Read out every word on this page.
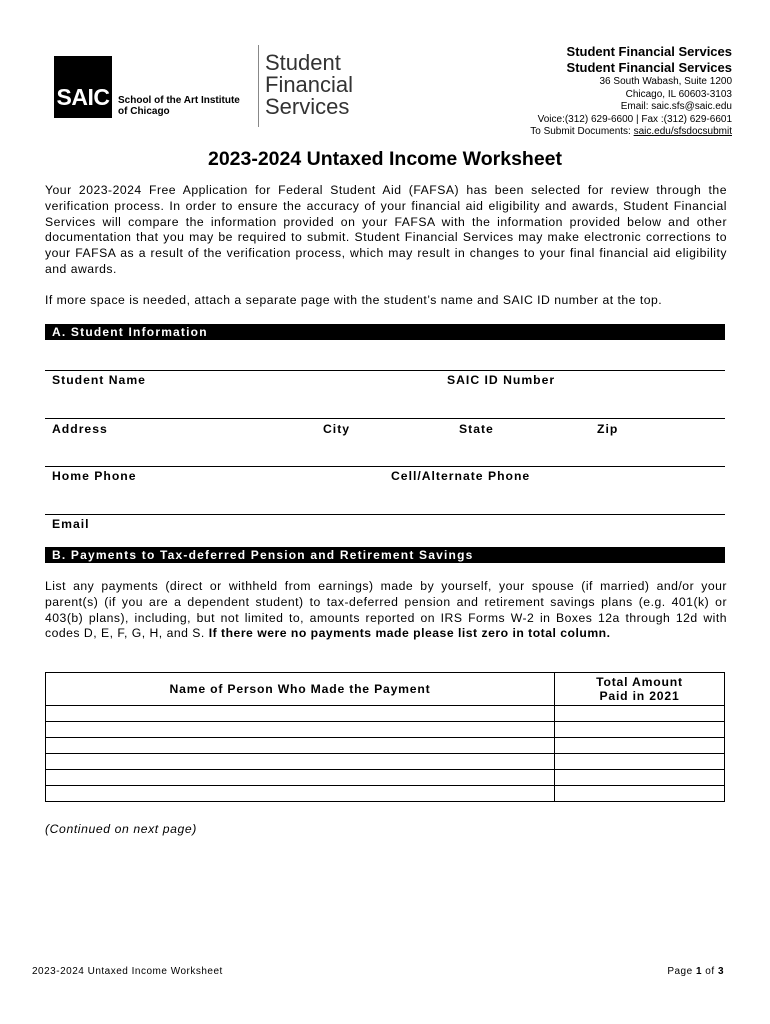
SAIC School of the Art Institute
of Chicago
Student
Financial
Services
Student Financial Services
Student Financial Services
36 South Wabash, Suite 1200
Chicago, IL 60603-3103
Email: saic.sfs@saic.edu
Voice:(312) 629-6600 | Fax :(312) 629-6601
To Submit Documents: saic.edu/sfsdocsubmit
2023-2024 Untaxed Income Worksheet
Your 2023-2024 Free Application for Federal Student Aid (FAFSA) has been selected for review through the verification process. In order to ensure the accuracy of your financial aid eligibility and awards, Student Financial Services will compare the information provided on your FAFSA with the information provided below and other documentation that you may be required to submit. Student Financial Services may make electronic corrections to your FAFSA as a result of the verification process, which may result in changes to your final financial aid eligibility and awards.
If more space is needed, attach a separate page with the student’s name and SAIC ID number at the top.
A. Student Information
Student Name	SAIC ID Number
Address	City	State	Zip
Home Phone	Cell/Alternate Phone
Email
B. Payments to Tax-deferred Pension and Retirement Savings
List any payments (direct or withheld from earnings) made by yourself, your spouse (if married) and/or your parent(s) (if you are a dependent student) to tax-deferred pension and retirement savings plans (e.g. 401(k) or 403(b) plans), including, but not limited to, amounts reported on IRS Forms W-2 in Boxes 12a through 12d with codes D, E, F, G, H, and S. If there were no payments made please list zero in total column.
Name of Person Who Made the Payment	Total Amount
Paid in 2021

(Continued on next page)
2023-2024 Untaxed Income Worksheet	Page 1 of 3
